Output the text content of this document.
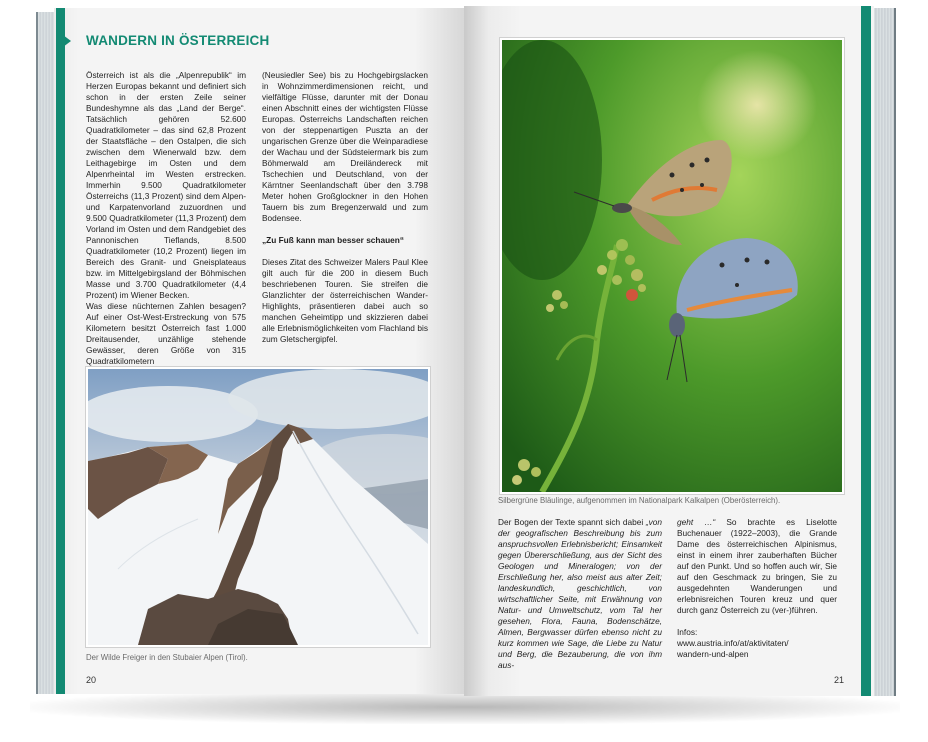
WANDERN IN ÖSTERREICH

Österreich ist als die „Alpenrepublik“ im Herzen Europas bekannt und definiert sich schon in der ersten Zeile seiner Bundeshymne als das „Land der Berge“. Tatsächlich gehören 52.600 Quadratkilometer – das sind 62,8 Prozent der Staatsfläche – den Ostalpen, die sich zwischen dem Wienerwald bzw. dem Leithagebirge im Osten und dem Alpenrheintal im Westen erstrecken. Immerhin 9.500 Quadratkilometer Österreichs (11,3 Prozent) sind dem Alpen- und Karpatenvorland zuzuordnen und 9.500 Quadratkilometer (11,3 Prozent) dem Vorland im Osten und dem Randgebiet des Pannonischen Tieflands, 8.500 Quadratkilometer (10,2 Prozent) liegen im Bereich des Granit- und Gneisplateaus bzw. im Mittelgebirgsland der Böhmischen Masse und 3.700 Quadratkilometer (4,4 Prozent) im Wiener Becken.

Was diese nüchternen Zahlen besagen? Auf einer Ost-West-Erstreckung von 575 Kilometern besitzt Österreich fast 1.000 Dreitausender, unzählige stehende Gewässer, deren Größe von 315 Quadratkilometern

(Neusiedler See) bis zu Hochgebirgslacken in Wohnzimmerdimensionen reicht, und vielfältige Flüsse, darunter mit der Donau einen Abschnitt eines der wichtigsten Flüsse Europas. Österreichs Landschaften reichen von der steppenartigen Puszta an der ungarischen Grenze über die Weinparadiese der Wachau und der Südsteiermark bis zum Böhmerwald am Dreiländereck mit Tschechien und Deutschland, von der Kärntner Seenlandschaft über den 3.798 Meter hohen Großglockner in den Hohen Tauern bis zum Bregenzerwald und zum Bodensee.

„Zu Fuß kann man besser schauen“

Dieses Zitat des Schweizer Malers Paul Klee gilt auch für die 200 in diesem Buch beschriebenen Touren. Sie streifen die Glanzlichter der österreichischen Wander-Highlights, präsentieren dabei auch so manchen Geheimtipp und skizzieren dabei alle Erlebnismöglichkeiten vom Flachland bis zum Gletschergipfel.

Der Wilde Freiger in den Stubaier Alpen (Tirol).
20
Silbergrüne Bläulinge, aufgenommen im Nationalpark Kalkalpen (Oberösterreich).

Der Bogen der Texte spannt sich dabei „von der geografischen Beschreibung bis zum anspruchsvollen Erlebnisbericht; Einsamkeit gegen Übererschließung, aus der Sicht des Geologen und Mineralogen; von der Erschließung her, also meist aus alter Zeit; landeskundlich, geschichtlich, von wirtschaftlicher Seite, mit Erwähnung von Natur- und Umweltschutz, vom Tal her gesehen, Flora, Fauna, Bodenschätze, Almen, Bergwasser dürfen ebenso nicht zu kurz kommen wie Sage, die Liebe zu Natur und Berg, die Bezauberung, die von ihm aus-

geht …“ So brachte es Liselotte Buchenauer (1922–2003), die Grande Dame des österreichischen Alpinismus, einst in einem ihrer zauberhaften Bücher auf den Punkt. Und so hoffen auch wir, Sie auf den Geschmack zu bringen, Sie zu ausgedehnten Wanderungen und erlebnisreichen Touren kreuz und quer durch ganz Österreich zu (ver-)führen.

Infos:

www.austria.info/at/aktivitaten/

wandern-und-alpen

21
